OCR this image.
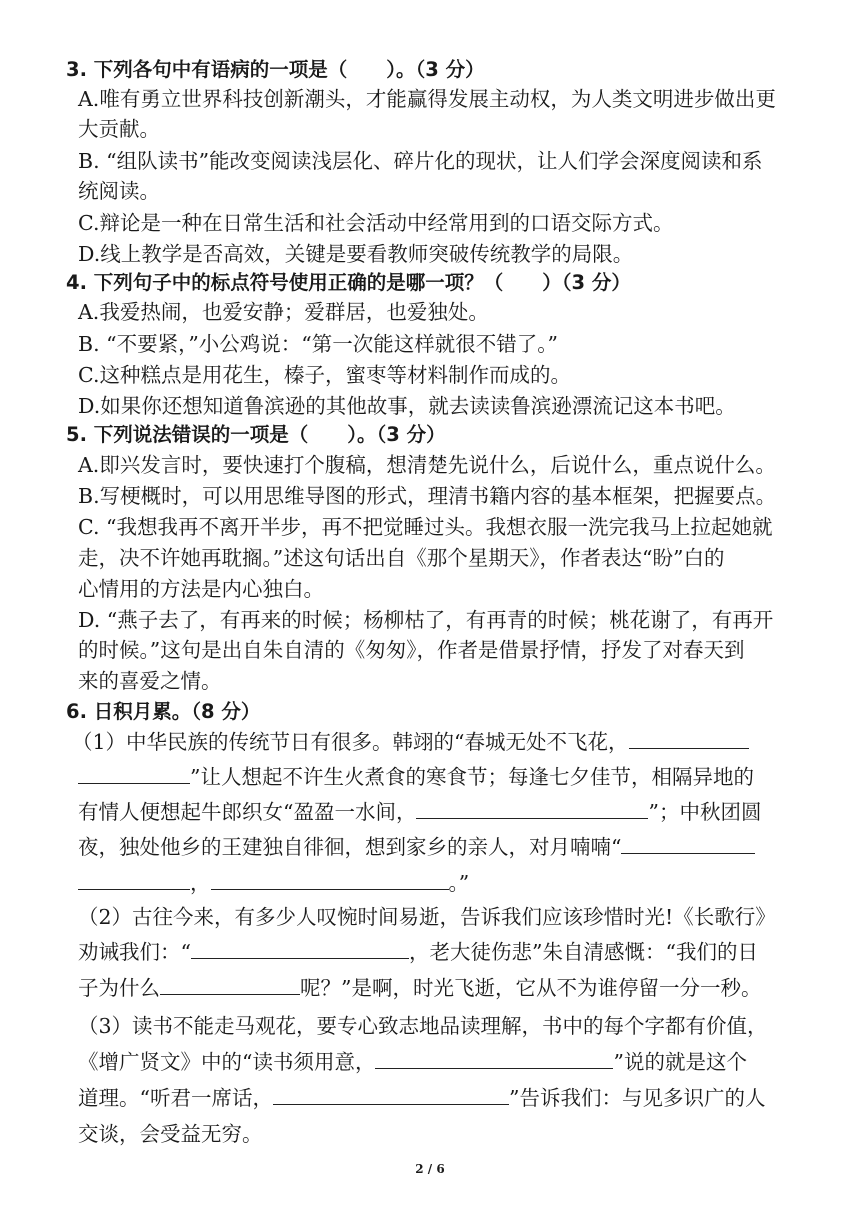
3. 下列各句中有语病的一项是（　　）。（3 分）
A.唯有勇立世界科技创新潮头，才能赢得发展主动权，为人类文明进步做出更
大贡献。
B. “组队读书”能改变阅读浅层化、碎片化的现状，让人们学会深度阅读和系
统阅读。
C.辩论是一种在日常生活和社会活动中经常用到的口语交际方式。
D.线上教学是否高效，关键是要看教师突破传统教学的局限。
4. 下列句子中的标点符号使用正确的是哪一项？（　　）（3 分）
A.我爱热闹，也爱安静；爱群居，也爱独处。
B. “不要紧，”小公鸡说：“第一次能这样就很不错了。”
C.这种糕点是用花生，榛子，蜜枣等材料制作而成的。
D.如果你还想知道鲁滨逊的其他故事，就去读读鲁滨逊漂流记这本书吧。
5. 下列说法错误的一项是（　　）。（3 分）
A.即兴发言时，要快速打个腹稿，想清楚先说什么，后说什么，重点说什么。
B.写梗概时，可以用思维导图的形式，理清书籍内容的基本框架，把握要点。
C. “我想我再不离开半步，再不把觉睡过头。我想衣服一洗完我马上拉起她就
走，决不许她再耽搁。”述这句话出自《那个星期天》，作者表达“盼”白的
心情用的方法是内心独白。
D. “燕子去了，有再来的时候；杨柳枯了，有再青的时候；桃花谢了，有再开
的时候。”这句是出自朱自清的《匆匆》，作者是借景抒情，抒发了对春天到
来的喜爱之情。
6. 日积月累。（8 分）
（1）中华民族的传统节日有很多。韩翊的“春城无处不飞花，
”让人想起不许生火煮食的寒食节；每逢七夕佳节，相隔异地的
有情人便想起牛郎织女“盈盈一水间，	”；中秋团圆
夜，独处他乡的王建独自徘徊，想到家乡的亲人，对月喃喃“
，	。”
（2）古往今来，有多少人叹惋时间易逝，告诉我们应该珍惜时光!《长歌行》
劝诫我们：“	，老大徒伤悲”朱自清感慨：“我们的日
子为什么	呢？”是啊，时光飞逝，它从不为谁停留一分一秒。
（3）读书不能走马观花，要专心致志地品读理解，书中的每个字都有价值，
《增广贤文》中的“读书须用意，	”说的就是这个
道理。“听君一席话，	”告诉我们：与见多识广的人
交谈，会受益无穷。
2 / 6
